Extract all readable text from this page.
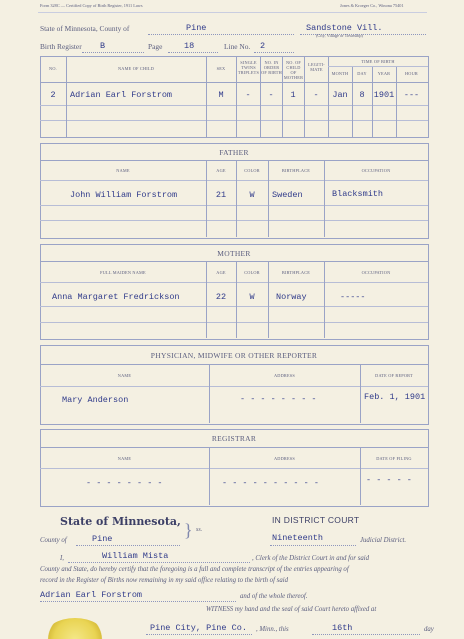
Form 328C — Certified Copy of Birth Register, 1911 Laws	Jones & Kroeger Co., Winona 75401
State of Minnesota, County of	Pine	Sandstone Vill.
(City, Village or Township)
Birth Register B	Page	18	Line No. 2
NO.	NAME OF CHILD	SEX
SINGLE TWINS TRIPLETS
NO. IN ORDER OF BIRTH
NO. OF CHILD OF MOTHER
LEGITI-MATE
TIME OF BIRTH
MONTH	DAY	YEAR	HOUR
2	Adrian Earl Forstrom	M	-	-	1	-	Jan	8	1901	---
FATHER
NAME	AGE	COLOR	BIRTHPLACE	OCCUPATION
John William Forstrom	21	W	Sweden	Blacksmith
MOTHER
FULL MAIDEN NAME	AGE	COLOR	BIRTHPLACE	OCCUPATION
Anna Margaret Fredrickson	22	W	Norway	-----
PHYSICIAN, MIDWIFE OR OTHER REPORTER
NAME	ADDRESS	DATE OF REPORT
Mary Anderson	- - - - - - - -	Feb. 1, 1901
REGISTRAR
NAME	ADDRESS	DATE OF FILING
- - - - - - - -	- - - - - - - - - -	- - - - -
State of Minnesota, } ss.
IN DISTRICT COURT
County of	Pine	Nineteenth	Judicial District.
I,	William Mista	, Clerk of the District Court in and for said
County and State, do hereby certify that the foregoing is a full and complete transcript of the entries appearing of
record in the Register of Births now remaining in my said office relating to the birth of said
Adrian Earl Forstrom	and of the whole thereof.
WITNESS my hand and the seal of said Court hereto affixed at
Pine City, Pine Co. , Minn., this	16th	day
